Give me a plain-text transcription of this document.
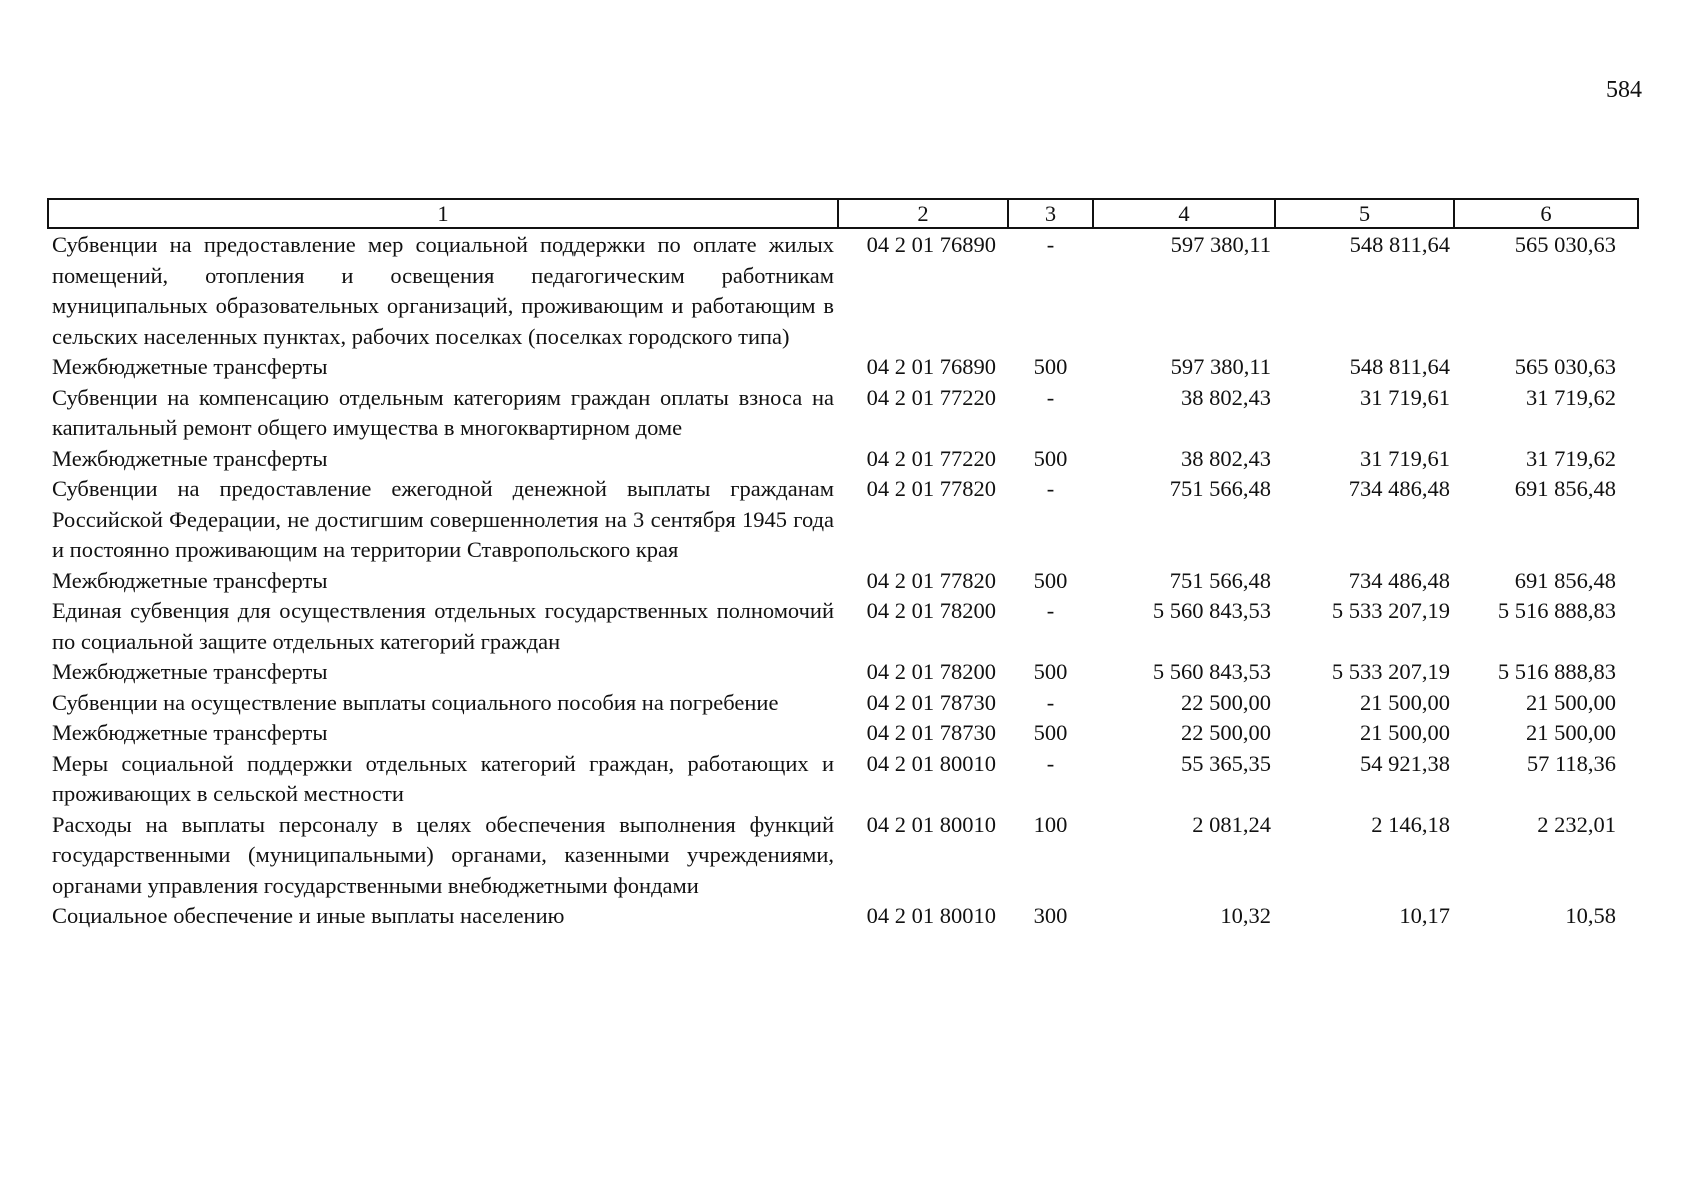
584
1	2	3	4	5	6
Субвенции на предоставление мер социальной поддержки по оплате жилых помещений, отопления и освещения педагогическим работникам муниципальных образовательных организаций, проживающим и работающим в сельских населенных пунктах, рабочих поселках (поселках городского типа)	04 2 01 76890	-	597 380,11	548 811,64	565 030,63
Межбюджетные трансферты	04 2 01 76890	500	597 380,11	548 811,64	565 030,63
Субвенции на компенсацию отдельным категориям граждан оплаты взноса на капитальный ремонт общего имущества в многоквартирном доме	04 2 01 77220	-	38 802,43	31 719,61	31 719,62
Межбюджетные трансферты	04 2 01 77220	500	38 802,43	31 719,61	31 719,62
Субвенции на предоставление ежегодной денежной выплаты гражданам Российской Федерации, не достигшим совершеннолетия на 3 сентября 1945 года и постоянно проживающим на территории Ставропольского края	04 2 01 77820	-	751 566,48	734 486,48	691 856,48
Межбюджетные трансферты	04 2 01 77820	500	751 566,48	734 486,48	691 856,48
Единая субвенция для осуществления отдельных государственных полномочий по социальной защите отдельных категорий граждан	04 2 01 78200	-	5 560 843,53	5 533 207,19	5 516 888,83
Межбюджетные трансферты	04 2 01 78200	500	5 560 843,53	5 533 207,19	5 516 888,83
Субвенции на осуществление выплаты социального пособия на погребение	04 2 01 78730	-	22 500,00	21 500,00	21 500,00
Межбюджетные трансферты	04 2 01 78730	500	22 500,00	21 500,00	21 500,00
Меры социальной поддержки отдельных категорий граждан, работающих и проживающих в сельской местности	04 2 01 80010	-	55 365,35	54 921,38	57 118,36
Расходы на выплаты персоналу в целях обеспечения выполнения функций государственными (муниципальными) органами, казенными учреждениями, органами управления государственными внебюджетными фондами	04 2 01 80010	100	2 081,24	2 146,18	2 232,01
Социальное обеспечение и иные выплаты населению	04 2 01 80010	300	10,32	10,17	10,58
